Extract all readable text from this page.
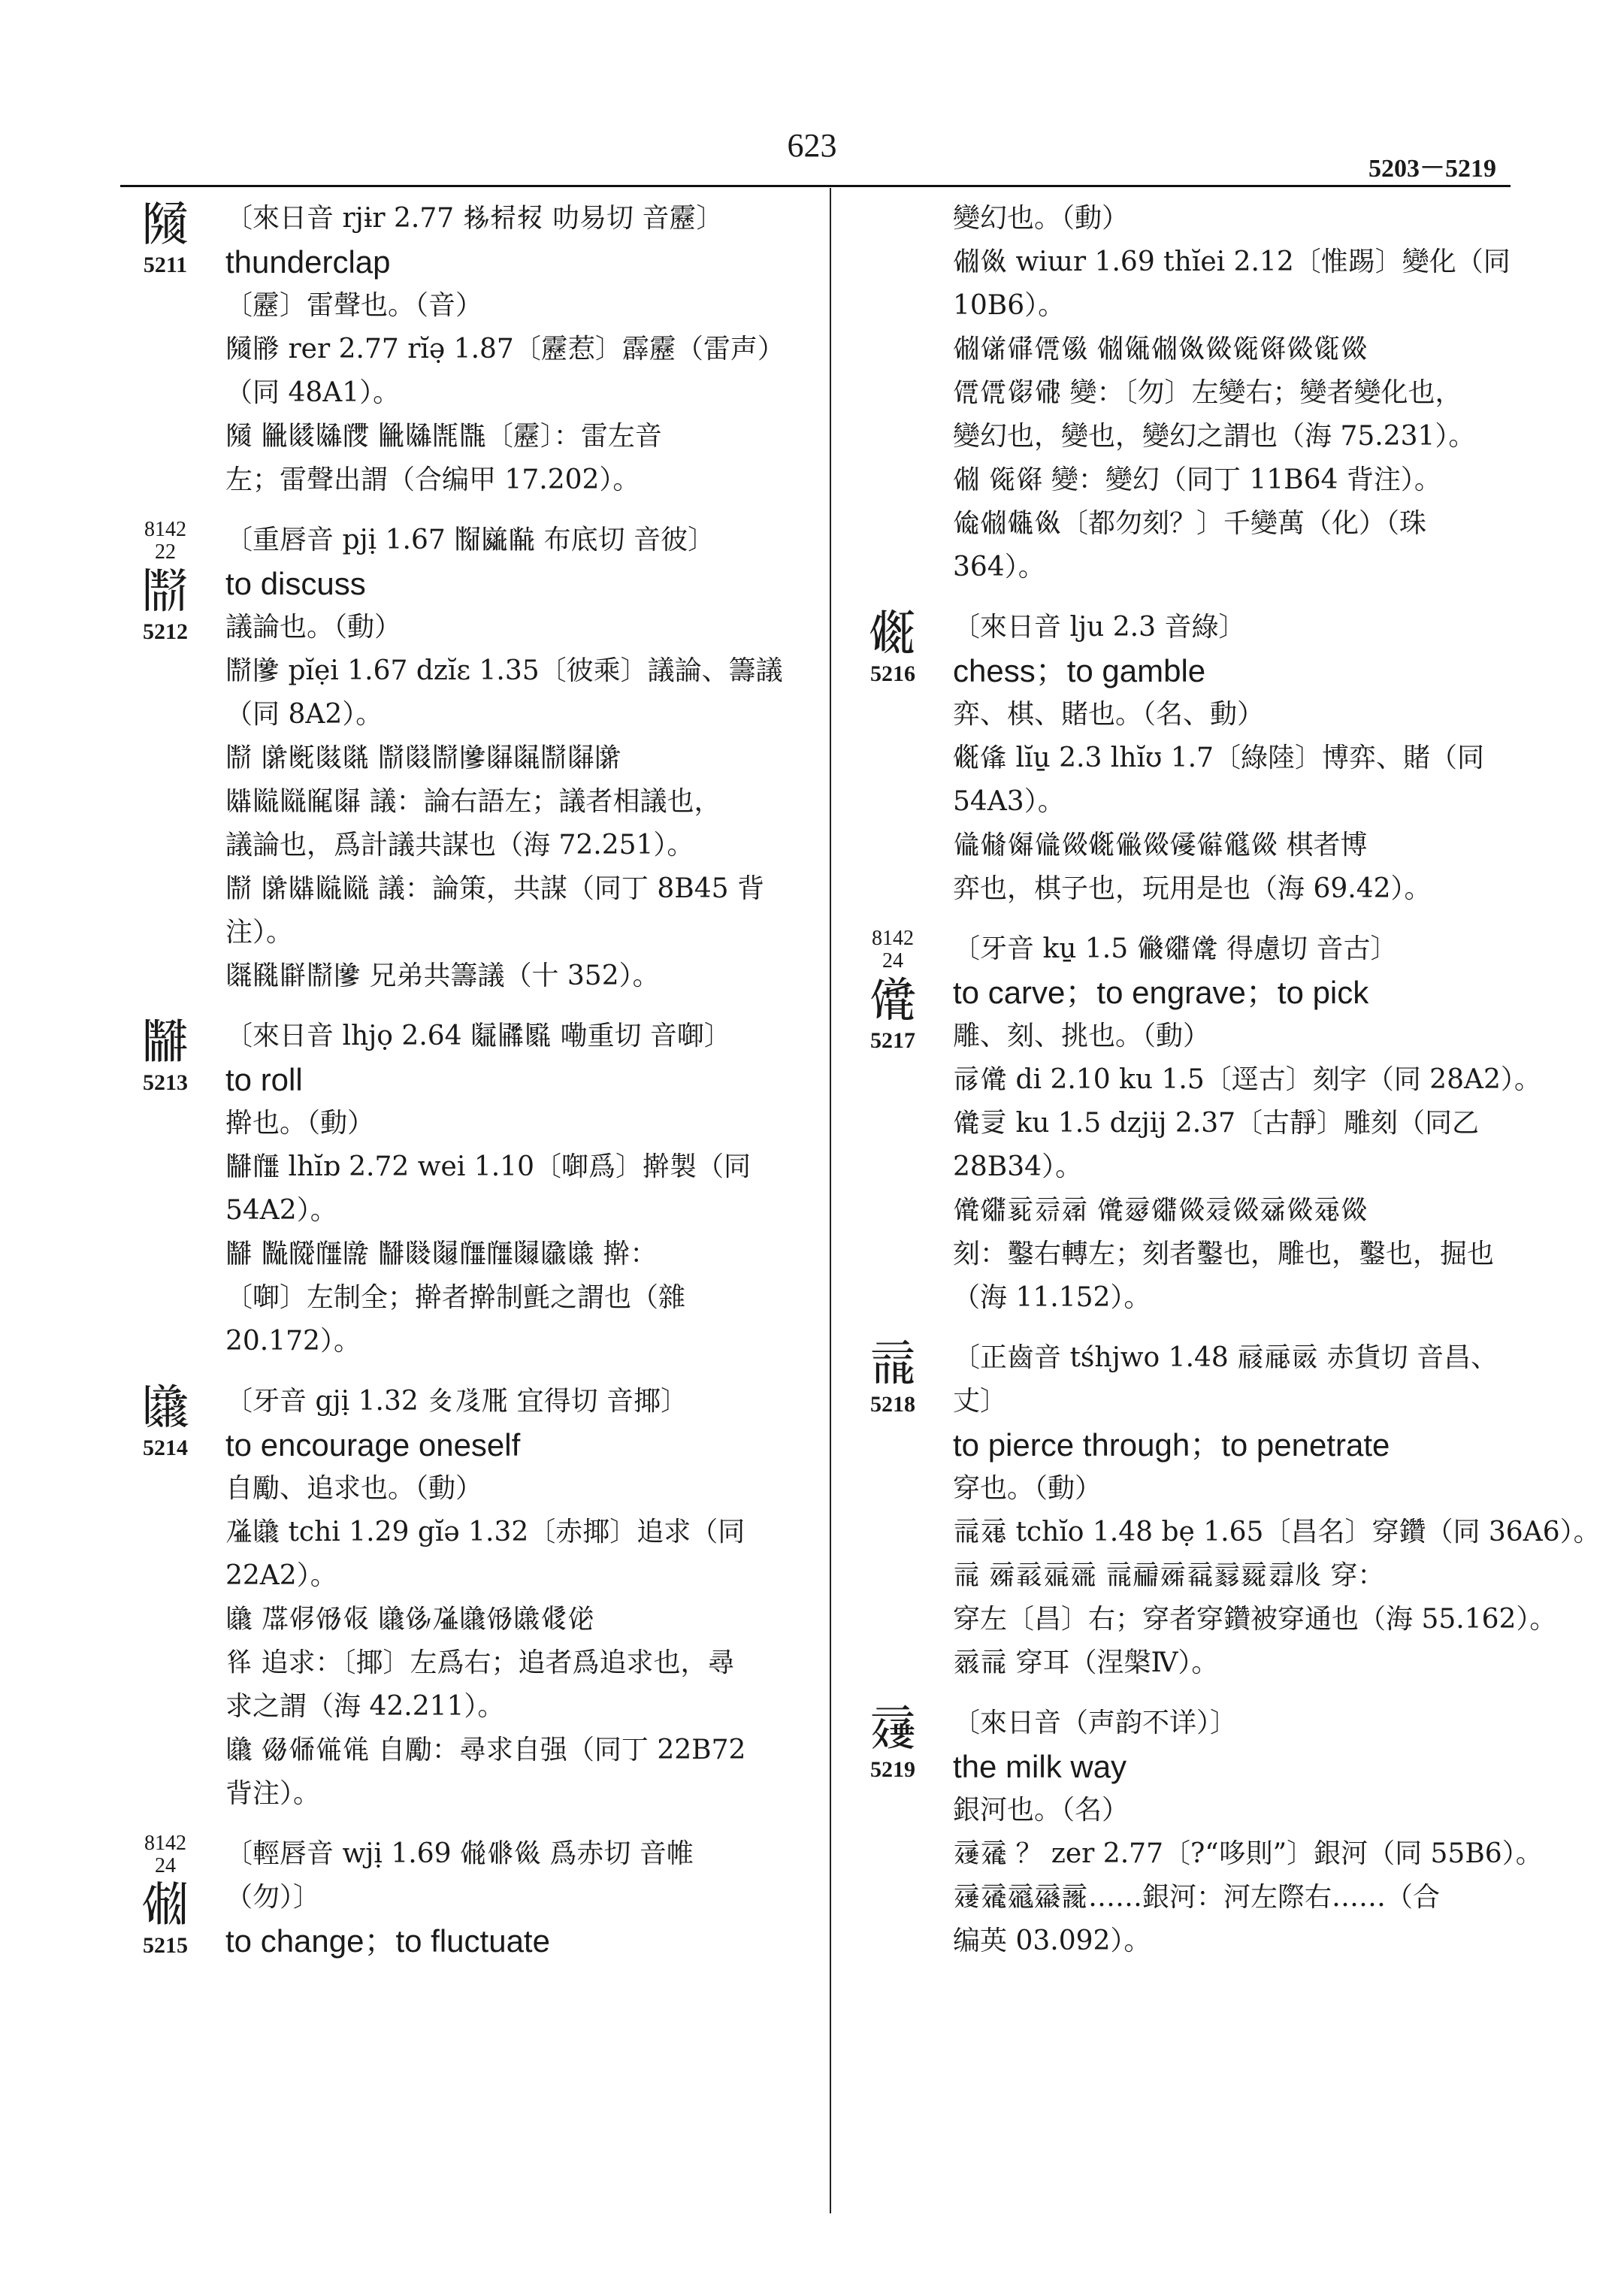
623
5203－5219
𗂧
5211
〔來日音 rjɨr 2.77 𗈪𗈫𗈬 叻易切 音靂〕
thunderclap
〔靂〕雷聲也。（音）
𗂧𗂨 rer 2.77 rĭə̣ 1.87〔靂惹〕霹靂（雷声）
（同 48A1）。
𗂧 𗂩𗂪𗂫𗂬 𗂩𗂫𗂭𗂮〔靂〕：雷左音
左；雷聲出謂（合编甲 17.202）。
8142
22
𗂯
5212
〔重唇音 pjị 1.67 𗂰𗂱𗂲 布底切 音彼〕
to discuss
議論也。（動）
𗂯𗂳 pĭẹi 1.67 dzĭɛ 1.35〔彼乘〕議論、籌議
（同 8A2）。
𗂯 𗂴𗂵𗂶𗂷 𗂯𗂸𗂯𗂳𗂹𗂺𗂯𗂹𗂴
𗂻𗂼𗂽𗂾𗂹 議：論右語左；議者相議也，
議論也，爲計議共謀也（海 72.251）。
𗂯 𗂴𗂻𗂼𗂽 議：論策，共謀（同丁 8B45 背
注）。
𗂿𗃀𗃁𗂯𗂳 兄弟共籌議（十 352）。
𗃂
5213
〔來日音 lhjọ 2.64 𗃃𗃄𗃅 嘞重切 音啣〕
to roll
擀也。（動）
𗃂𗃆 lhĭɒ 2.72 wei 1.10〔啣爲〕擀製（同
54A2）。
𗃂 𗃇𗃈𗃆𗃉 𗃂𗃊𗃋𗃆𗃆𗃌𗃍𗃎 擀：
〔啣〕左制全；擀者擀制氈之謂也（雜
20.172）。
𗃏
5214
〔牙音 gjị 1.32 𗃐𗃑𗃒 宜得切 音揶〕
to encourage oneself
自勵、追求也。（動）
𗃓𗃏 tchi 1.29 gĭə 1.32〔赤揶〕追求（同
22A2）。
𗃏 𗃔𗃕𗃖𗃗 𗃏𗃘𗃓𗃏𗃖𗃎𗃙𗃚
𗃛 追求：〔揶〕左爲右；追者爲追求也，尋
求之謂（海 42.211）。
𗃏 𗃜𗃝𗃞𗃟 自勵：尋求自强（同丁 22B72
背注）。
8142
24
𗃠
5215
〔輕唇音 wjị 1.69 𗃡𗃢𗃣 爲赤切 音帷
（勿）〕
to change；to fluctuate
變幻也。（動）
𗃠𗃤 wiɯr 1.69 thĭei 2.12〔惟踢〕變化（同
10B6）。
𗃠𗃥𗃦𗃧𗃨 𗃠𗃩𗃠𗃤𗃪𗃫𗃬𗃪𗃭𗃪
𗃧𗃧𗃮𗃯 變：〔勿〕左變右；變者變化也，
變幻也，變也，變幻之謂也（海 75.231）。
𗃠 𗃫𗃬 變：變幻（同丁 11B64 背注）。
𗃰𗃠𗃱𗃤〔都勿刻？〕千變萬（化）（珠
364）。
𗃲
5216
〔來日音 lju 2.3 音綠〕
chess；to gamble
弈、棋、賭也。（名、動）
𗃲𗃳 lĭu̱ 2.3 lhĭʊ 1.7〔綠陸〕博弈、賭（同
54A3）。
𗃴𗃵𗃶𗃴𗃪𗃲𗃷𗃪𗃸𗃹𗃺𗃪 棋者博
弈也，棋子也，玩用是也（海 69.42）。
8142
24
𗃻
5217
〔牙音 ku̱ 1.5 𗃼𗃽𗃾 得慮切 音古〕
to carve；to engrave；to pick
雕、刻、挑也。（動）
𗃿𗃻 di 2.10 ku 1.5〔逕古〕刻字（同 28A2）。
𗃻𗄀 ku 1.5 dzjij 2.37〔古靜〕雕刻（同乙
28B34）。
𗃻𗃽𗄁𗄂𗄃 𗃻𗄄𗃽𗃪𗄅𗃪𗄆𗃪𗄇𗃪
刻：鑿右轉左；刻者鑿也，雕也，鑿也，掘也
（海 11.152）。
𗄈
5218
〔正齒音 tśhjwo 1.48 𗄉𗄊𗄋 赤貨切 音昌、
丈〕
to pierce through；to penetrate
穿也。（動）
𗄈𗄌 tchĭo 1.48 bẹ 1.65〔昌名〕穿鑽（同 36A6）。
𗄈 𗄍𗄎𗄏𗄐 𗄈𗄑𗄍𗄒𗄓𗄔𗄕𗄪 穿：
穿左〔昌〕右；穿者穿鑽被穿通也（海 55.162）。
𗄖𗄈 穿耳（涅槃Ⅳ）。
𗄗
5219
〔來日音（声韵不详）〕
the milk way
銀河也。（名）
𗄗𗄘 ？ zer 2.77〔?“哆則”〕銀河（同 55B6）。
𗄗𗄘𗄙𗄚𗄛……銀河：河左際右……（合
编英 03.092）。
